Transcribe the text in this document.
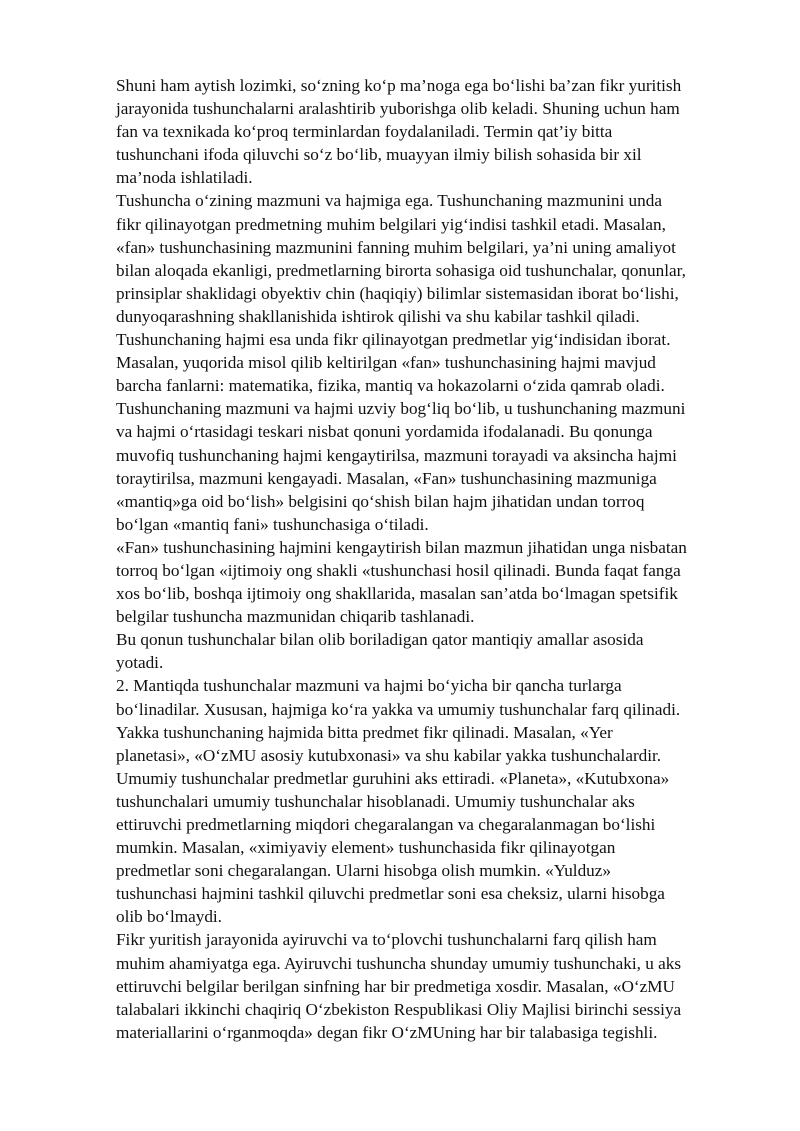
Shuni ham aytish lozimki, so‘zning ko‘p ma’noga ega bo‘lishi ba’zan fikr yuritish
jarayonida tushunchalarni aralashtirib yuborishga olib keladi. Shuning uchun ham
fan va texnikada ko‘proq terminlardan foydalaniladi. Termin qat’iy bitta
tushunchani ifoda qiluvchi so‘z bo‘lib, muayyan ilmiy bilish sohasida bir xil
ma’noda ishlatiladi.

Tushuncha o‘zining mazmuni va hajmiga ega. Tushunchaning mazmunini unda
fikr qilinayotgan predmetning muhim belgilari yig‘indisi tashkil etadi. Masalan,
«fan» tushunchasining mazmunini fanning muhim belgilari, ya’ni uning amaliyot
bilan aloqada ekanligi, predmetlarning birorta sohasiga oid tushunchalar, qonunlar,
prinsiplar shaklidagi obyektiv chin (haqiqiy) bilimlar sistemasidan iborat bo‘lishi,
dunyoqarashning shakllanishida ishtirok qilishi va shu kabilar tashkil qiladi.

Tushunchaning hajmi esa unda fikr qilinayotgan predmetlar yig‘indisidan iborat.
Masalan, yuqorida misol qilib keltirilgan «fan» tushunchasining hajmi mavjud
barcha fanlarni: matematika, fizika, mantiq va hokazolarni o‘zida qamrab oladi.

Tushunchaning mazmuni va hajmi uzviy bog‘liq bo‘lib, u tushunchaning mazmuni
va hajmi o‘rtasidagi teskari nisbat qonuni yordamida ifodalanadi. Bu qonunga
muvofiq tushunchaning hajmi kengaytirilsa, mazmuni torayadi va aksincha hajmi
toraytirilsa, mazmuni kengayadi. Masalan, «Fan» tushunchasining mazmuniga
«mantiq»ga oid bo‘lish» belgisini qo‘shish bilan hajm jihatidan undan torroq
bo‘lgan «mantiq fani» tushunchasiga o‘tiladi.

«Fan» tushunchasining hajmini kengaytirish bilan mazmun jihatidan unga nisbatan
torroq bo‘lgan «ijtimoiy ong shakli «tushunchasi hosil qilinadi. Bunda faqat fanga
xos bo‘lib, boshqa ijtimoiy ong shakllarida, masalan san’atda bo‘lmagan spetsifik
belgilar tushuncha mazmunidan chiqarib tashlanadi.

Bu qonun tushunchalar bilan olib boriladigan qator mantiqiy amallar asosida
yotadi.

2. Mantiqda tushunchalar mazmuni va hajmi bo‘yicha bir qancha turlarga
bo‘linadilar. Xususan, hajmiga ko‘ra yakka va umumiy tushunchalar farq qilinadi.
Yakka tushunchaning hajmida bitta predmet fikr qilinadi. Masalan, «Yer
planetasi», «O‘zMU asosiy kutubxonasi» va shu kabilar yakka tushunchalardir.
Umumiy tushunchalar predmetlar guruhini aks ettiradi. «Planeta», «Kutubxona»
tushunchalari umumiy tushunchalar hisoblanadi. Umumiy tushunchalar aks
ettiruvchi predmetlarning miqdori chegaralangan va chegaralanmagan bo‘lishi
mumkin. Masalan, «ximiyaviy element» tushunchasida fikr qilinayotgan
predmetlar soni chegaralangan. Ularni hisobga olish mumkin. «Yulduz»
tushunchasi hajmini tashkil qiluvchi predmetlar soni esa cheksiz, ularni hisobga
olib bo‘lmaydi.

Fikr yuritish jarayonida ayiruvchi va to‘plovchi tushunchalarni farq qilish ham
muhim ahamiyatga ega. Ayiruvchi tushuncha shunday umumiy tushunchaki, u aks
ettiruvchi belgilar berilgan sinfning har bir predmetiga xosdir. Masalan, «O‘zMU
talabalari ikkinchi chaqiriq O‘zbekiston Respublikasi Oliy Majlisi birinchi sessiya
materiallarini o‘rganmoqda» degan fikr O‘zMUning har bir talabasiga tegishli.
